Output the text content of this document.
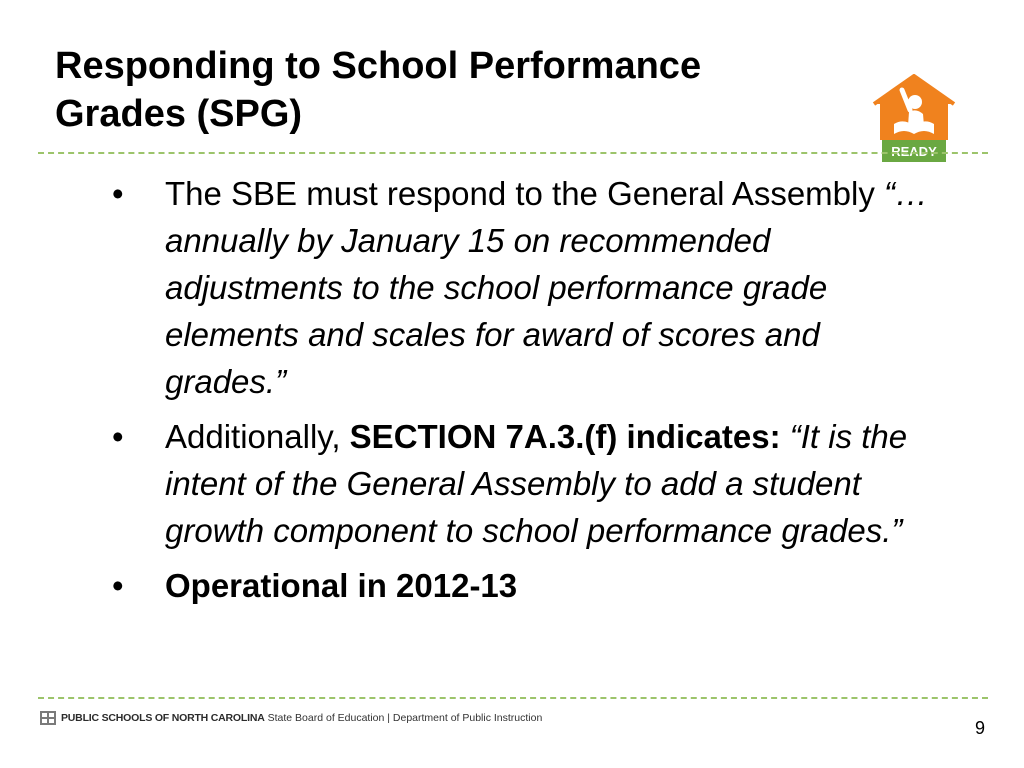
Responding to School Performance
Grades (SPG)
READY
• The SBE must respond to the General Assembly “…annually by January 15 on recommended adjustments to the school performance grade elements and scales for award of scores and grades.”
• Additionally, SECTION 7A.3.(f) indicates: “It is the intent of the General Assembly to add a student growth component to school performance grades.”
• Operational in 2012-13
PUBLIC SCHOOLS OF NORTH CAROLINA State Board of Education | Department of Public Instruction	9
